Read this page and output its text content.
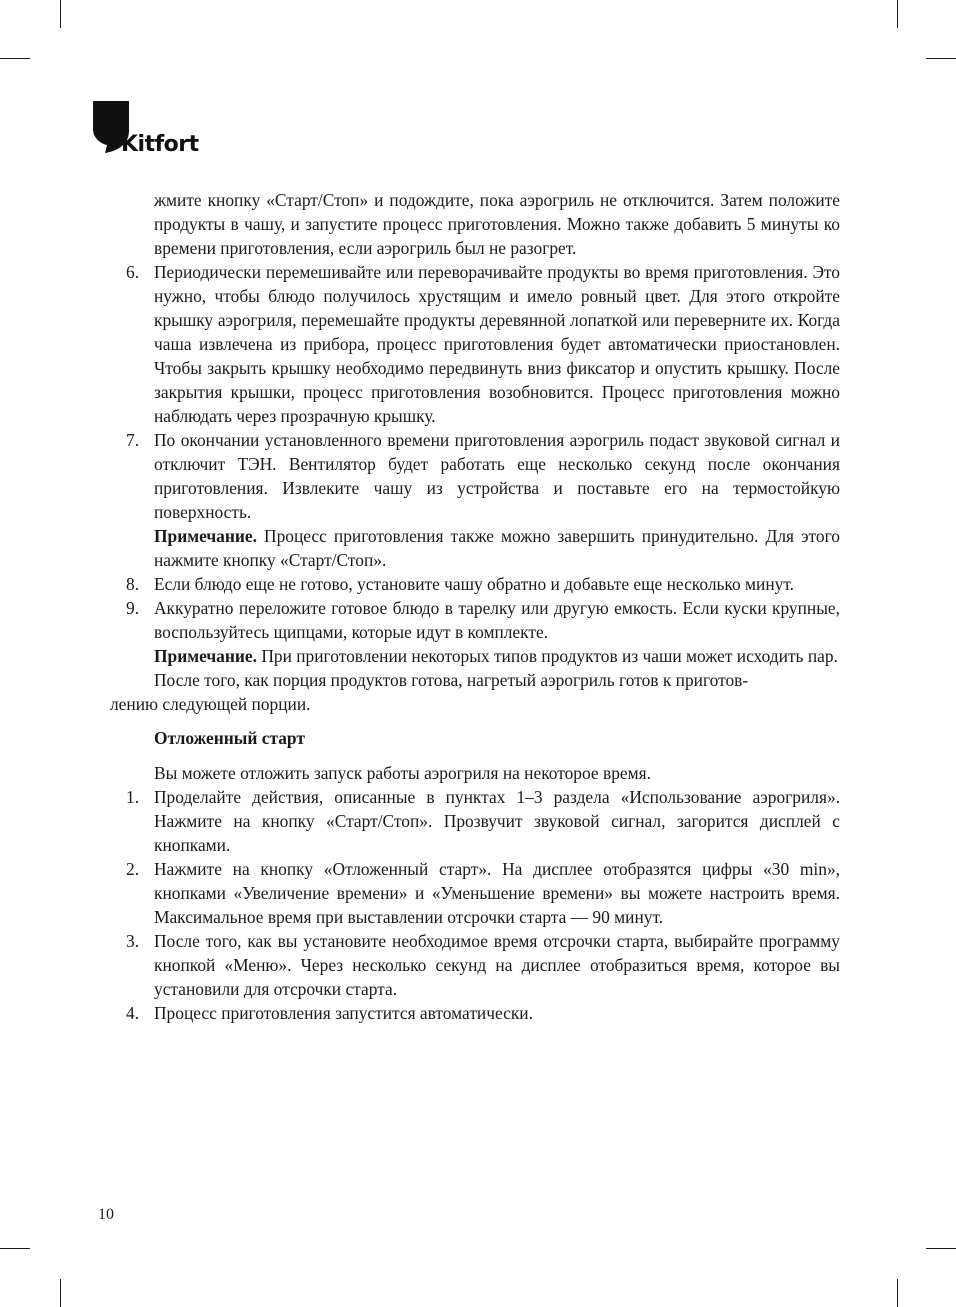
Kitfort
жмите кнопку «Старт/Стоп» и подождите, пока аэрогриль не отключится. Затем положите продукты в чашу, и запустите процесс приготовления. Можно также добавить 5 минуты ко времени приготовления, если аэрогриль был не разогрет.
6. Периодически перемешивайте или переворачивайте продукты во время приготовления. Это нужно, чтобы блюдо получилось хрустящим и имело ровный цвет. Для этого откройте крышку аэрогриля, перемешайте продукты деревянной лопаткой или переверните их. Когда чаша извлечена из прибора, процесс приготовления будет автоматически приостановлен. Чтобы закрыть крышку необходимо передвинуть вниз фиксатор и опустить крышку. После закрытия крышки, процесс приготовления возобновится. Процесс приготовления можно наблюдать через прозрачную крышку.
7. По окончании установленного времени приготовления аэрогриль подаст звуковой сигнал и отключит ТЭН. Вентилятор будет работать еще несколько секунд после окончания приготовления. Извлеките чашу из устройства и поставьте его на термостойкую поверхность.
Примечание. Процесс приготовления также можно завершить принудительно. Для этого нажмите кнопку «Старт/Стоп».
8. Если блюдо еще не готово, установите чашу обратно и добавьте еще несколько минут.
9. Аккуратно переложите готовое блюдо в тарелку или другую емкость. Если куски крупные, воспользуйтесь щипцами, которые идут в комплекте.
Примечание. При приготовлении некоторых типов продуктов из чаши может исходить пар.
После того, как порция продуктов готова, нагретый аэрогриль готов к приготов-
лению следующей порции.
Отложенный старт
Вы можете отложить запуск работы аэрогриля на некоторое время.
1. Проделайте действия, описанные в пунктах 1–3 раздела «Использование аэрогриля». Нажмите на кнопку «Старт/Стоп». Прозвучит звуковой сигнал, загорится дисплей с кнопками.
2. Нажмите на кнопку «Отложенный старт». На дисплее отобразятся цифры «30 min», кнопками «Увеличение времени» и «Уменьшение времени» вы можете настроить время. Максимальное время при выставлении отсрочки старта — 90 минут.
3. После того, как вы установите необходимое время отсрочки старта, выбирайте программу кнопкой «Меню». Через несколько секунд на дисплее отобразиться время, которое вы установили для отсрочки старта.
4. Процесс приготовления запустится автоматически.
10
